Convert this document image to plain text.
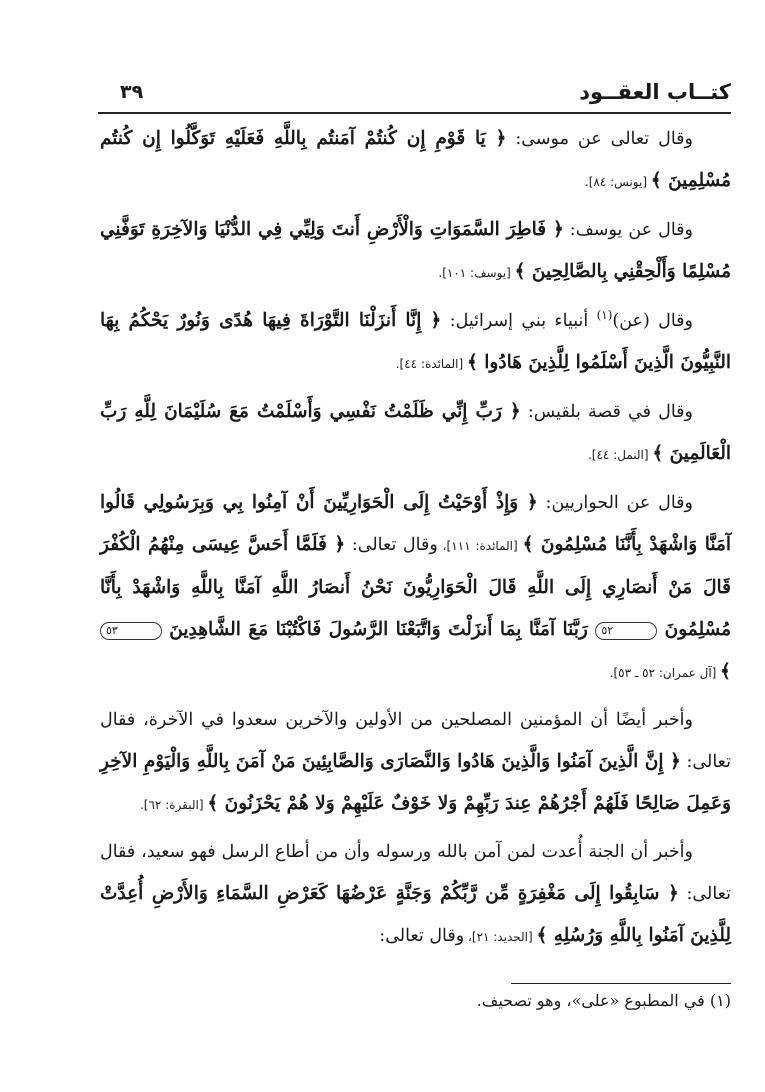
كتــاب العقــود
٣٩

وقال تعالى عن موسى: ﴿ يَا قَوْمِ إِن كُنتُمْ آمَنتُم بِاللَّهِ فَعَلَيْهِ تَوَكَّلُوا إِن كُنتُم مُسْلِمِينَ ﴾ [يونس: ٨٤].

وقال عن يوسف: ﴿ فَاطِرَ السَّمَوَاتِ وَالْأَرْضِ أَنتَ وَلِيِّي فِي الدُّنْيَا وَالآخِرَةِ تَوَفَّنِي مُسْلِمًا وَأَلْحِقْنِي بِالصَّالِحِينَ ﴾ [يوسف: ١٠١].

وقال (عن)$^{(١)}$ أنبياء بني إسرائيل: ﴿ إِنَّا أَنزَلْنَا التَّوْرَاةَ فِيهَا هُدًى وَنُورٌ يَحْكُمُ بِهَا النَّبِيُّونَ الَّذِينَ أَسْلَمُوا لِلَّذِينَ هَادُوا ﴾ [المائدة: ٤٤].

وقال في قصة بلقيس: ﴿ رَبِّ إِنِّي ظَلَمْتُ نَفْسِي وَأَسْلَمْتُ مَعَ سُلَيْمَانَ لِلَّهِ رَبِّ الْعَالَمِينَ ﴾ [النمل: ٤٤].

وقال عن الحواريين: ﴿ وَإِذْ أَوْحَيْتُ إِلَى الْحَوَارِيِّينَ أَنْ آمِنُوا بِي وَبِرَسُولِي قَالُوا آمَنَّا وَاشْهَدْ بِأَنَّنَا مُسْلِمُونَ ﴾ [المائدة: ١١١]، وقال تعالى: ﴿ فَلَمَّا أَحَسَّ عِيسَى مِنْهُمُ الْكُفْرَ قَالَ مَنْ أَنصَارِي إِلَى اللَّهِ قَالَ الْحَوَارِيُّونَ نَحْنُ أَنصَارُ اللَّهِ آمَنَّا بِاللَّهِ وَاشْهَدْ بِأَنَّا مُسْلِمُونَ ٥٢ رَبَّنَا آمَنَّا بِمَا أَنزَلْتَ وَاتَّبَعْنَا الرَّسُولَ فَاكْتُبْنَا مَعَ الشَّاهِدِينَ ٥٣ ﴾ [آل عمران: ٥٢ ـ ٥٣].

وأخبر أيضًا أن المؤمنين المصلحين من الأولين والآخرين سعدوا في الآخرة، فقال تعالى: ﴿ إِنَّ الَّذِينَ آمَنُوا وَالَّذِينَ هَادُوا وَالنَّصَارَى وَالصَّابِئِينَ مَنْ آمَنَ بِاللَّهِ وَالْيَوْمِ الآخِرِ وَعَمِلَ صَالِحًا فَلَهُمْ أَجْرُهُمْ عِندَ رَبِّهِمْ وَلا خَوْفٌ عَلَيْهِمْ وَلا هُمْ يَحْزَنُونَ ﴾ [البقرة: ٦٢].

وأخبر أن الجنة أُعدت لمن آمن بالله ورسوله وأن من أطاع الرسل فهو سعيد، فقال تعالى: ﴿ سَابِقُوا إِلَى مَغْفِرَةٍ مِّن رَّبِّكُمْ وَجَنَّةٍ عَرْضُهَا كَعَرْضِ السَّمَاءِ وَالأَرْضِ أُعِدَّتْ لِلَّذِينَ آمَنُوا بِاللَّهِ وَرُسُلِهِ ﴾ [الحديد: ٢١]، وقال تعالى:

(١) في المطبوع «على»، وهو تصحيف.
